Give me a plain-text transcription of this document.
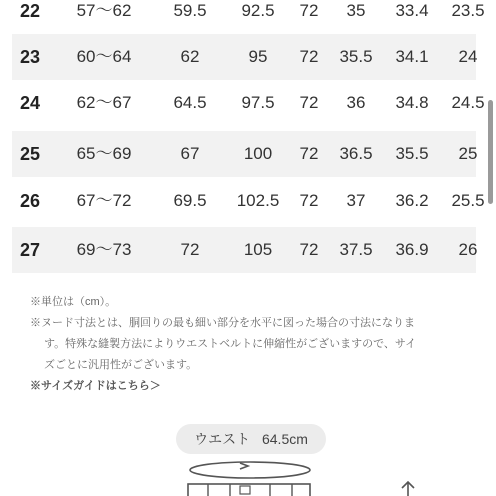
22 57〜62 59.5 92.5 72 35 33.4 23.5
23 60〜64	62	95 72 35.5 34.1 24
24 62〜67 64.5 97.5 72 36 34.8 24.5
25 65〜69	67	100 72 36.5 35.5 25
26 67〜72 69.5 102.5 72 37 36.2 25.5
27 69〜73	72	105 72 37.5 36.9 26
※単位は（cm）。
※ヌード寸法とは、胴回りの最も細い部分を水平に図った場合の寸法になりま
す。特殊な縫製方法によりウエストベルトに伸縮性がございますので、サイ
ズごとに汎用性がございます。
※サイズガイドはこちら＞
ウエスト 64.5cm
